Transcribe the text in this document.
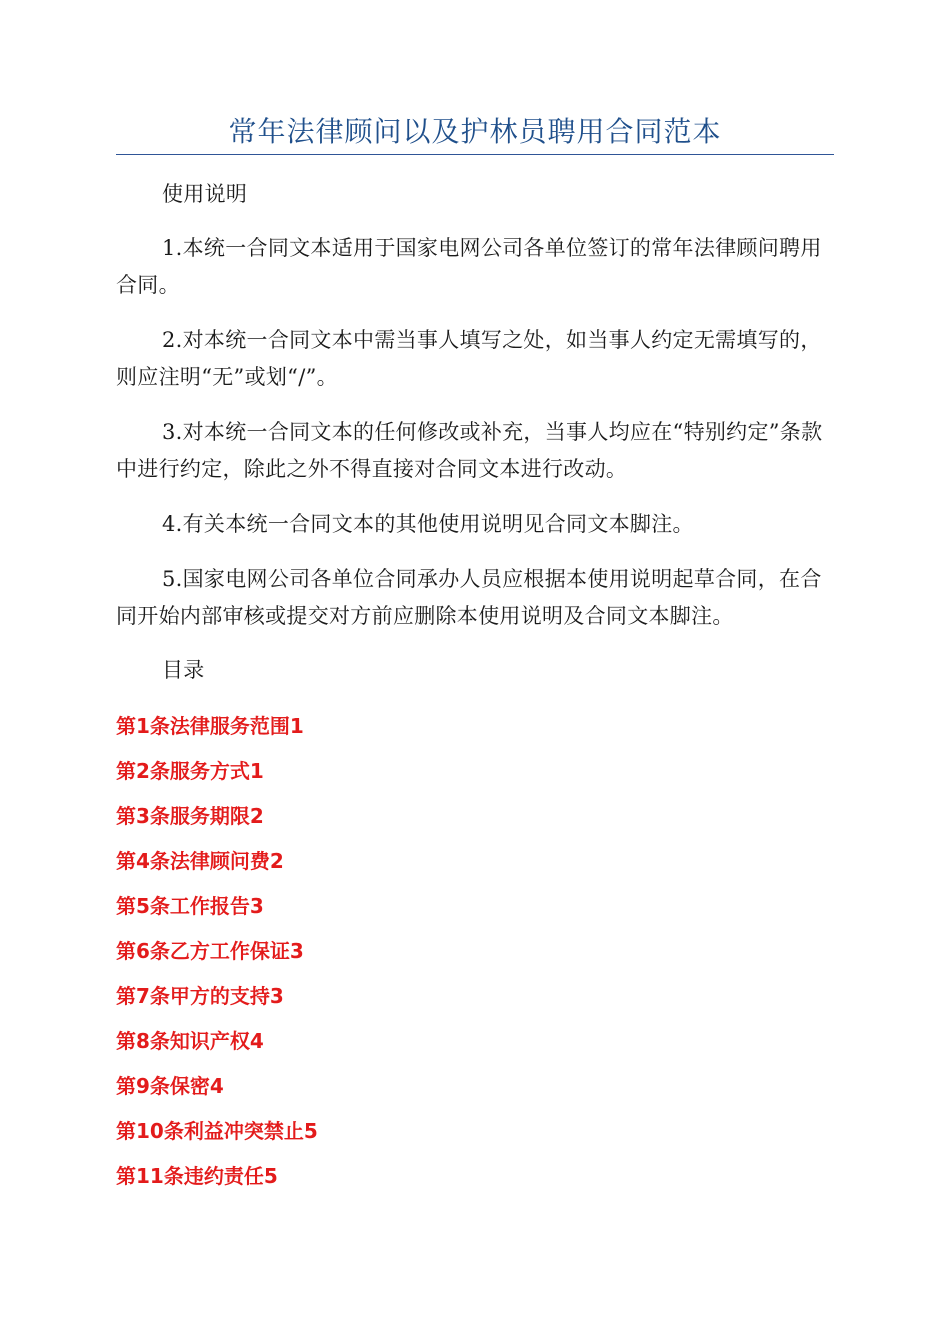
常年法律顾问以及护林员聘用合同范本

使用说明

1.本统一合同文本适用于国家电网公司各单位签订的常年法律顾问聘用合同。

2.对本统一合同文本中需当事人填写之处，如当事人约定无需填写的，则应注明“无”或划“/”。

3.对本统一合同文本的任何修改或补充，当事人均应在“特别约定”条款中进行约定，除此之外不得直接对合同文本进行改动。

4.有关本统一合同文本的其他使用说明见合同文本脚注。

5.国家电网公司各单位合同承办人员应根据本使用说明起草合同，在合同开始内部审核或提交对方前应删除本使用说明及合同文本脚注。

目录

第1条法律服务范围1
第2条服务方式1
第3条服务期限2
第4条法律顾问费2
第5条工作报告3
第6条乙方工作保证3
第7条甲方的支持3
第8条知识产权4
第9条保密4
第10条利益冲突禁止5
第11条违约责任5
